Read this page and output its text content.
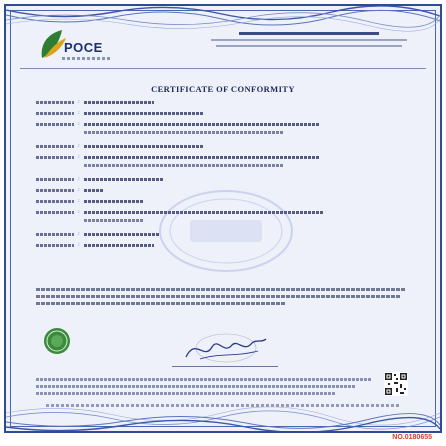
POCE
CERTIFICATE OF CONFORMITY
:
:
:
:
:
:
:
:
:
:
:
NO.0180655
